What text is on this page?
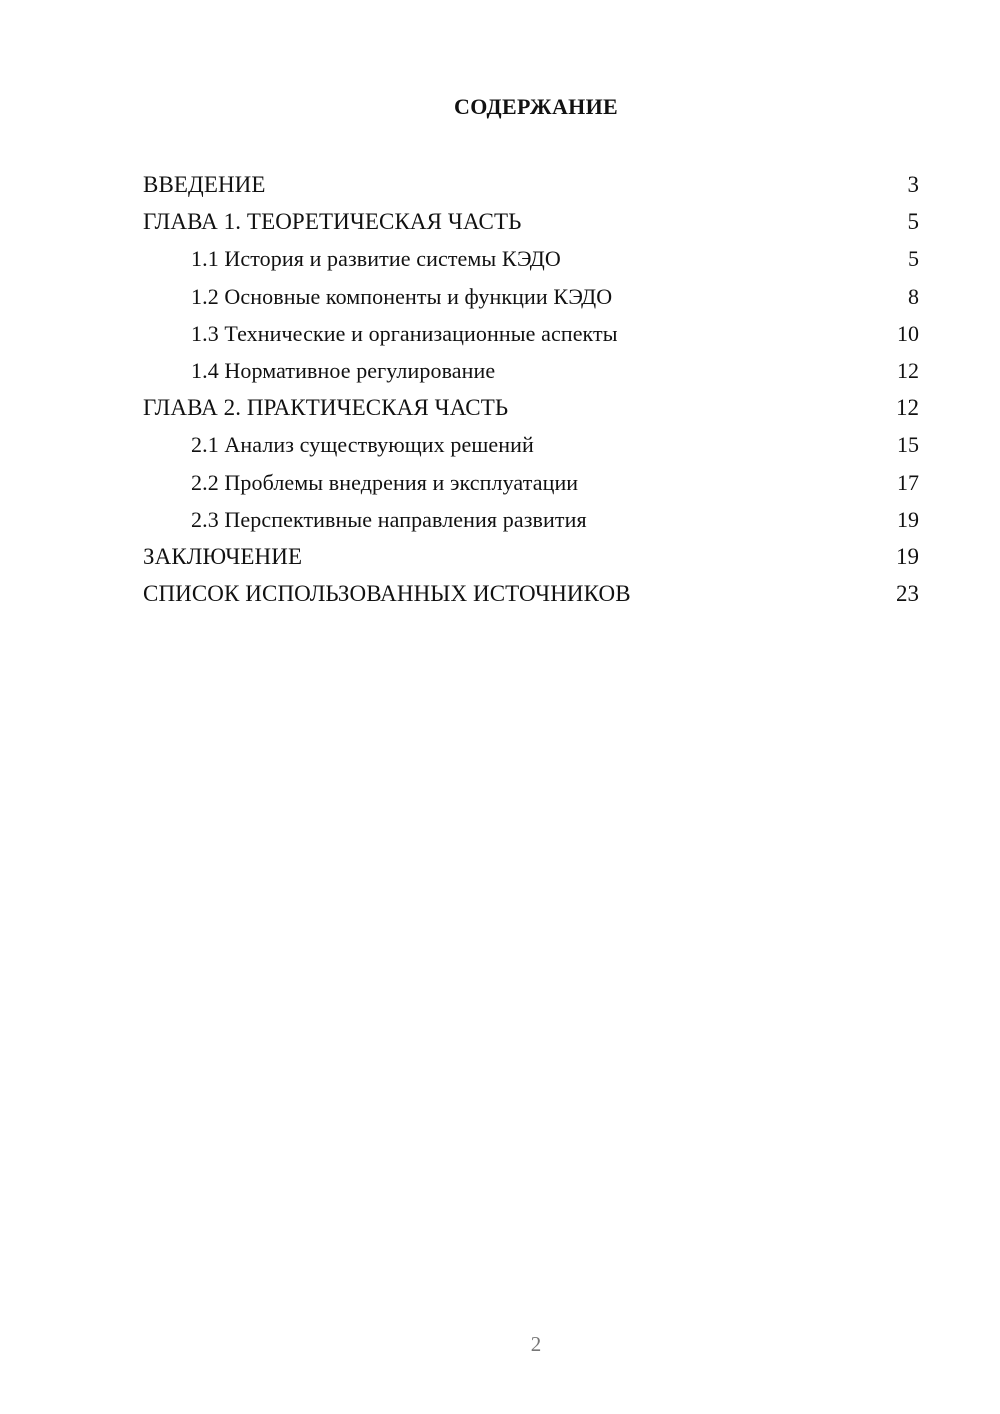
СОДЕРЖАНИЕ
ВВЕДЕНИЕ	3
ГЛАВА 1. ТЕОРЕТИЧЕСКАЯ ЧАСТЬ	5
1.1 История и развитие системы КЭДО	5
1.2 Основные компоненты и функции КЭДО	8
1.3 Технические и организационные аспекты	10
1.4 Нормативное регулирование	12
ГЛАВА 2. ПРАКТИЧЕСКАЯ ЧАСТЬ	12
2.1 Анализ существующих решений	15
2.2 Проблемы внедрения и эксплуатации	17
2.3 Перспективные направления развития	19
ЗАКЛЮЧЕНИЕ	19
СПИСОК ИСПОЛЬЗОВАННЫХ ИСТОЧНИКОВ	23
2
